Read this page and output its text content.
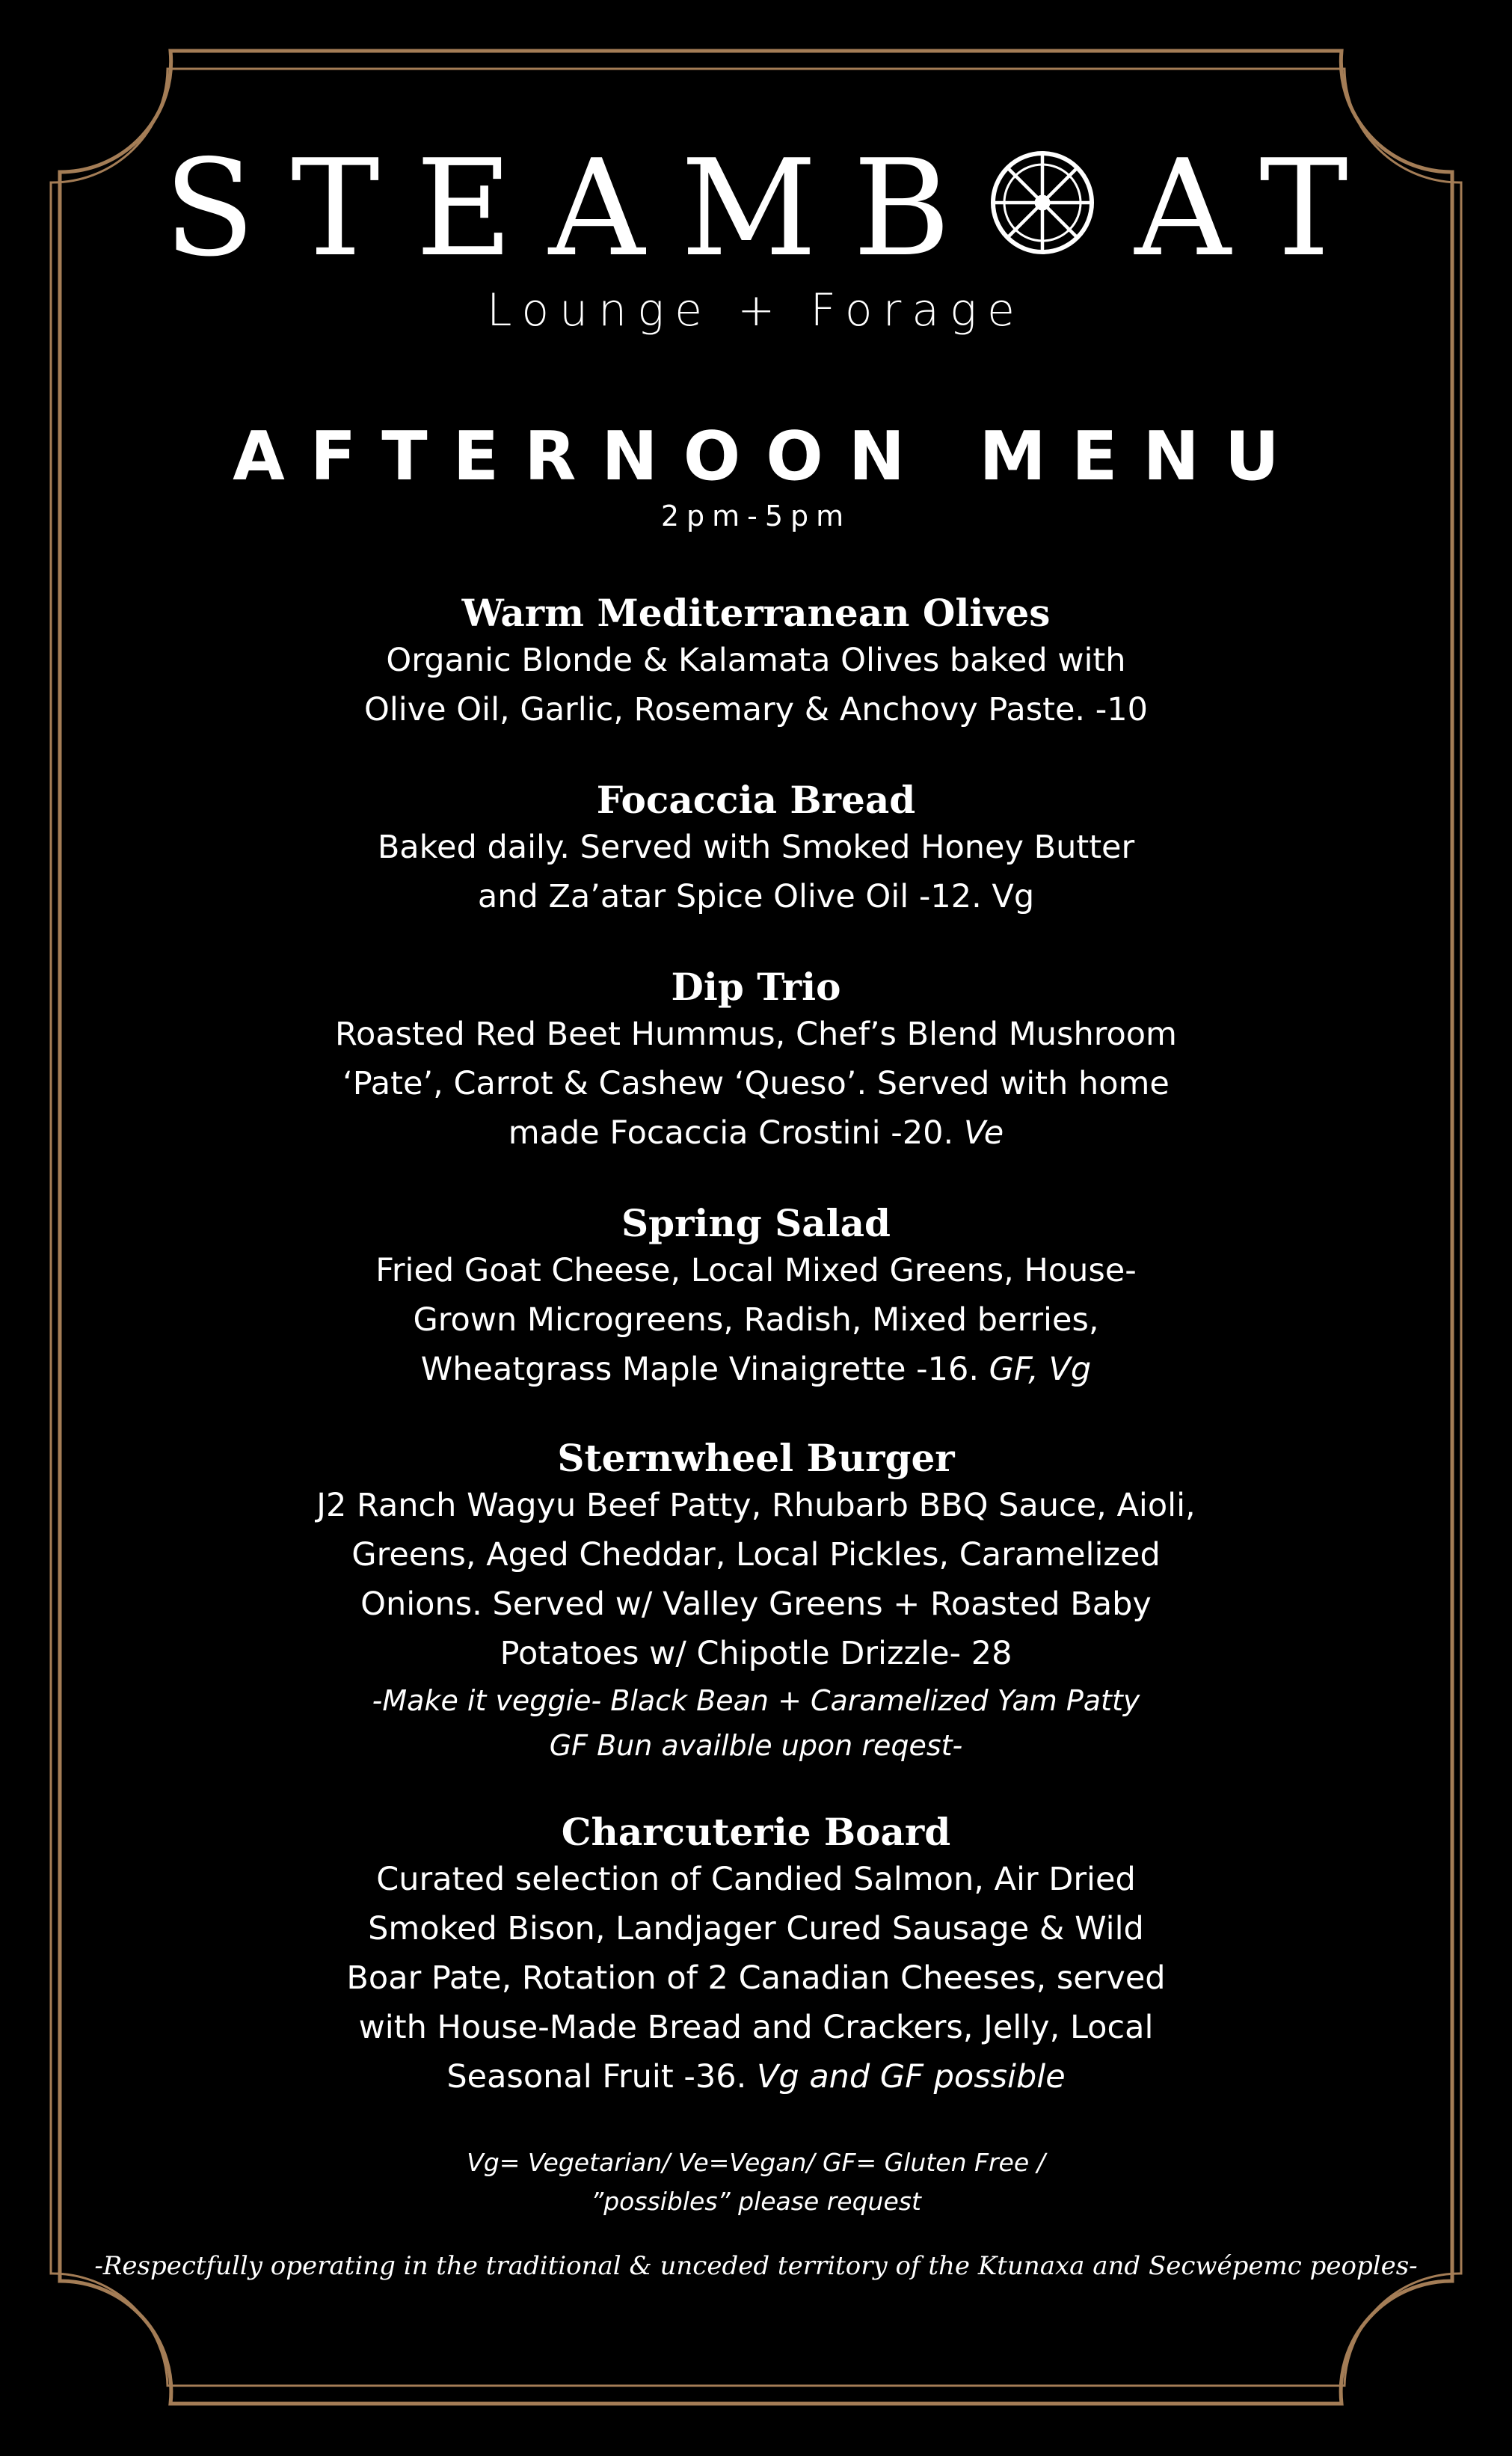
STEAMB AT
Lounge + Forage
AFTERNOON MENU
2pm-5pm
Warm Mediterranean Olives
Organic Blonde & Kalamata Olives baked with
Olive Oil, Garlic, Rosemary & Anchovy Paste. -10
Focaccia Bread
Baked daily. Served with Smoked Honey Butter
and Za’atar Spice Olive Oil -12. Vg
Dip Trio
Roasted Red Beet Hummus, Chef’s Blend Mushroom
‘Pate’, Carrot & Cashew ‘Queso’. Served with home
made Focaccia Crostini -20. Ve
Spring Salad
Fried Goat Cheese, Local Mixed Greens, House-
Grown Microgreens, Radish, Mixed berries,
Wheatgrass Maple Vinaigrette -16. GF, Vg
Sternwheel Burger
J2 Ranch Wagyu Beef Patty, Rhubarb BBQ Sauce, Aioli,
Greens, Aged Cheddar, Local Pickles, Caramelized
Onions. Served w/ Valley Greens + Roasted Baby
Potatoes w/ Chipotle Drizzle- 28
-Make it veggie- Black Bean + Caramelized Yam Patty
GF Bun availble upon reqest-
Charcuterie Board
Curated selection of Candied Salmon, Air Dried
Smoked Bison, Landjager Cured Sausage & Wild
Boar Pate, Rotation of 2 Canadian Cheeses, served
with House-Made Bread and Crackers, Jelly, Local
Seasonal Fruit -36. Vg and GF possible
Vg= Vegetarian/ Ve=Vegan/ GF= Gluten Free /
”possibles” please request
-Respectfully operating in the traditional & unceded territory of the Ktunaxa and Secwépemc peoples-
